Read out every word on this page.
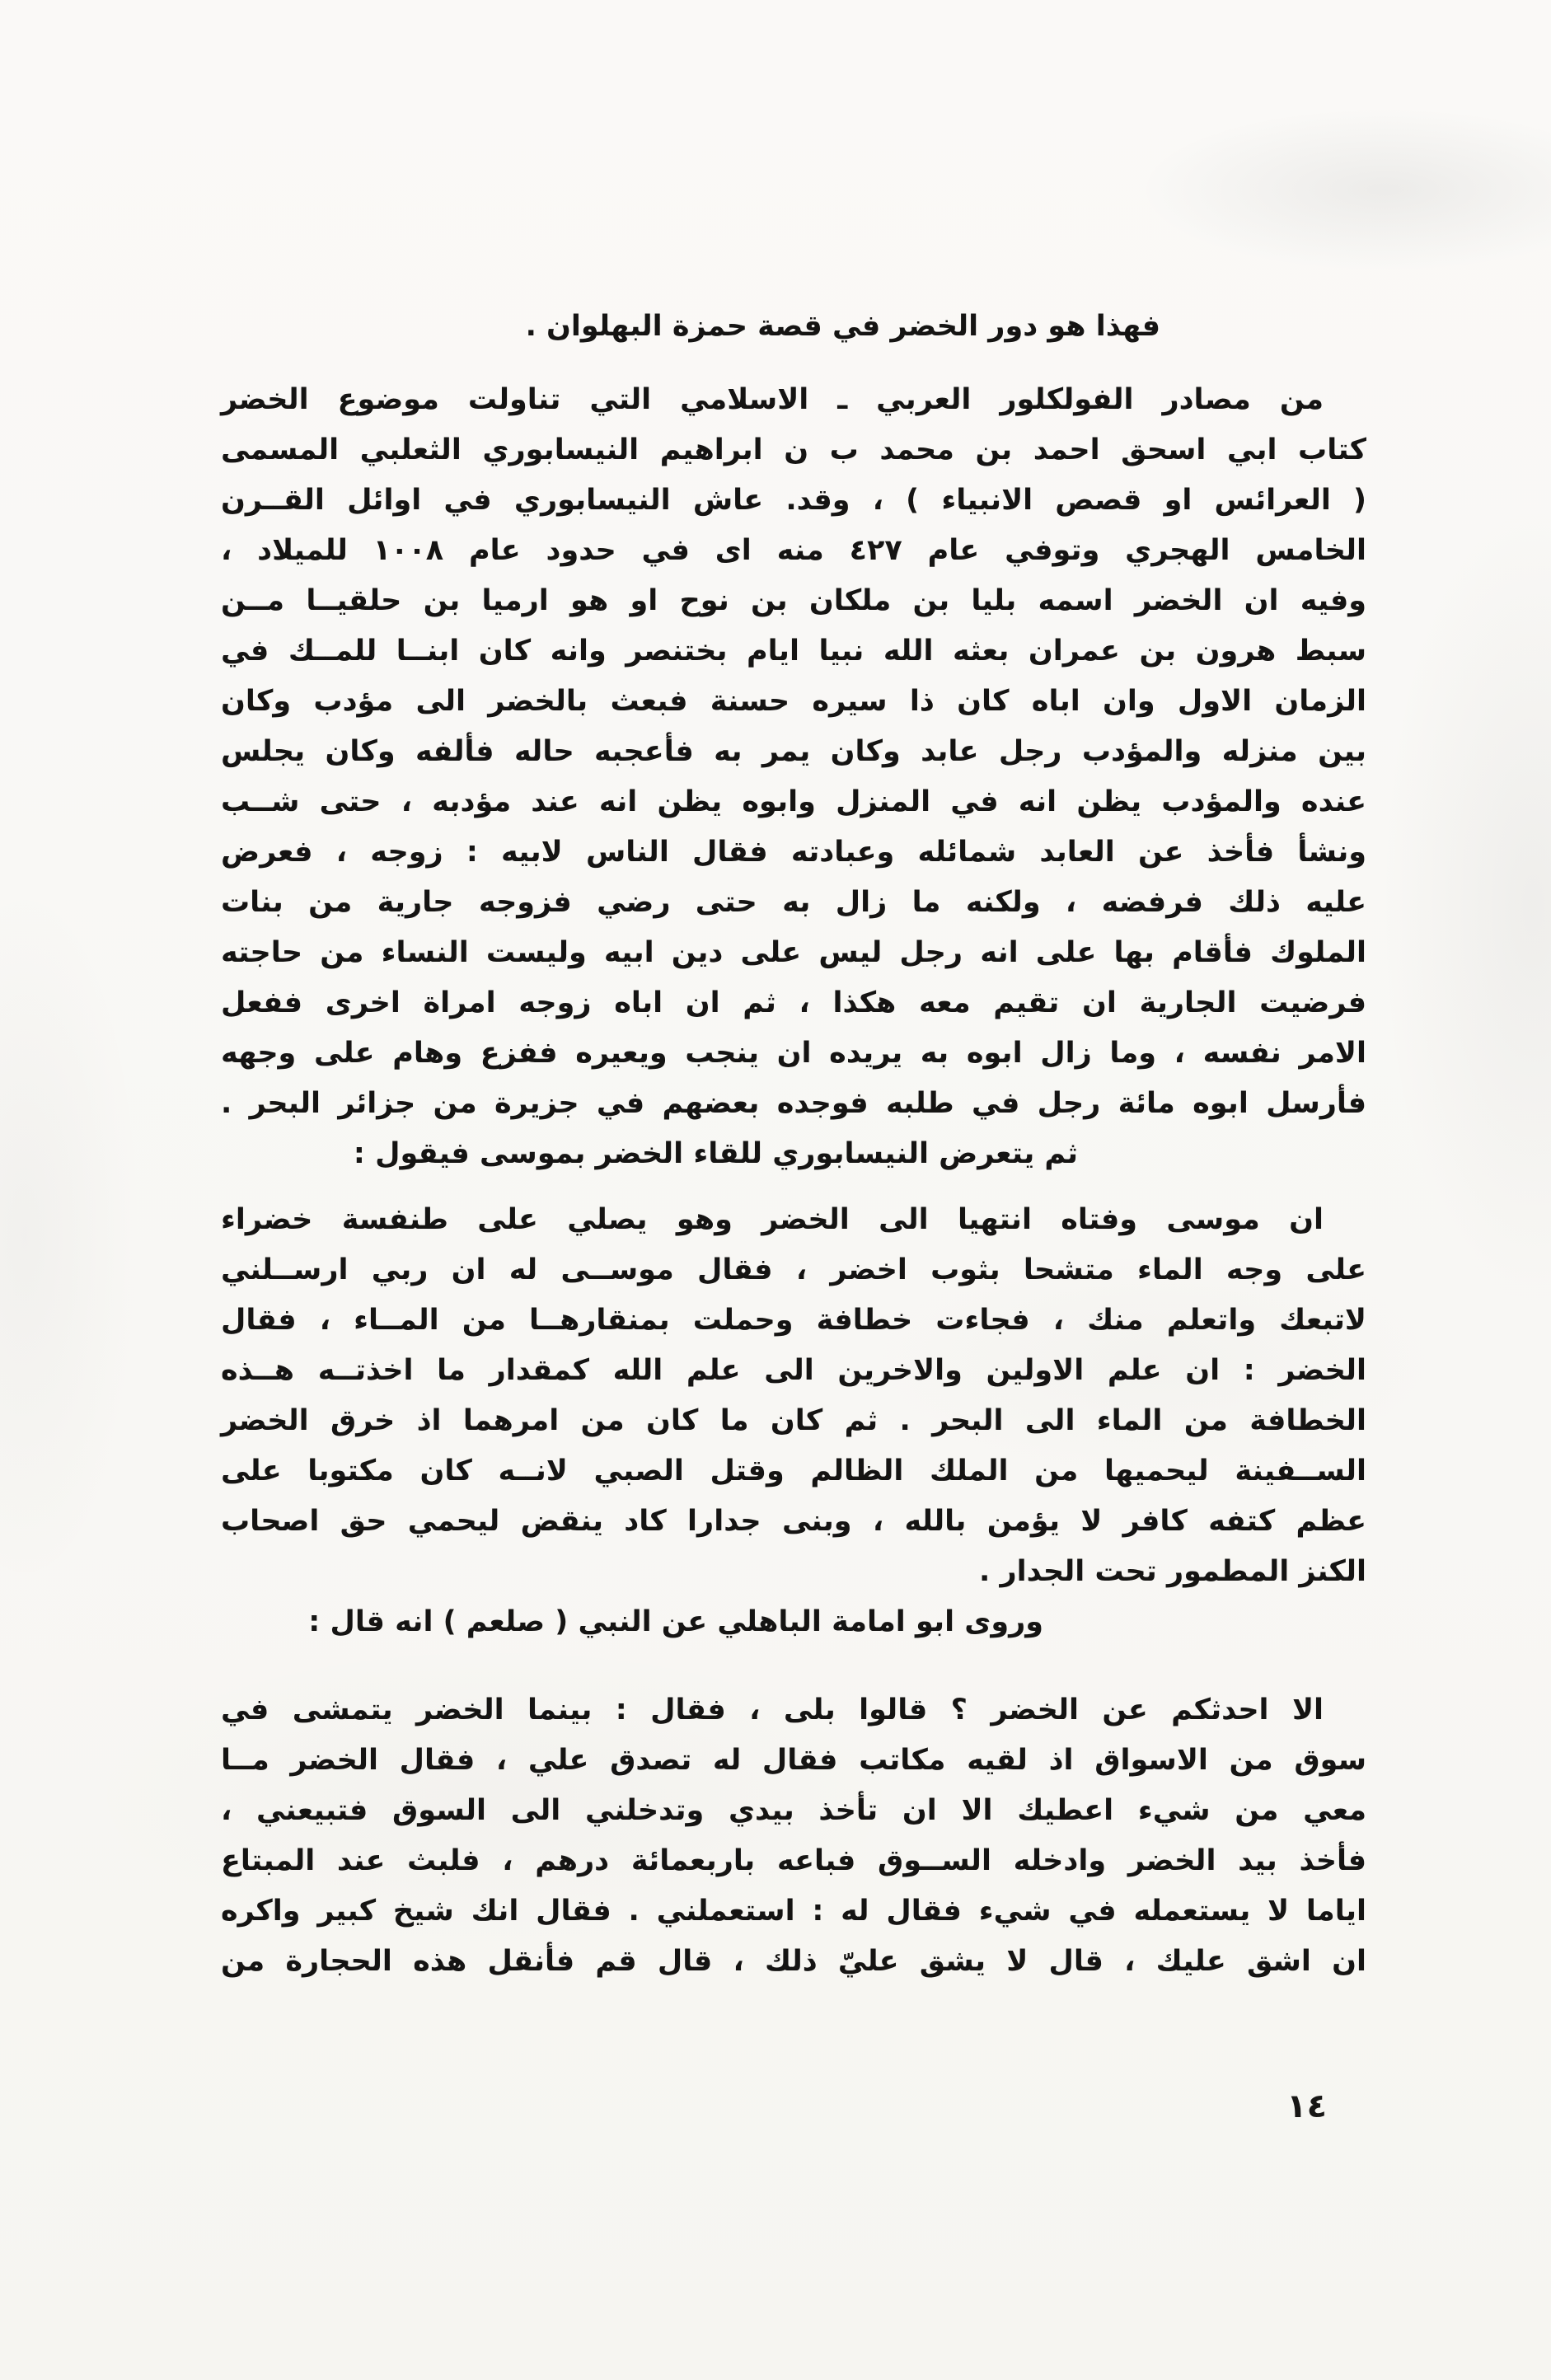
فهذا هو دور الخضر في قصة حمزة البهلوان .

من مصادر الفولكلور العربي ـ الاسلامي التي تناولت موضوع الخضر

كتاب ابي اسحق احمد بن محمد ب ن ابراهيم النيسابوري الثعلبي المسمى

( العرائس او قصص الانبياء ) ، وقد. عاش النيسابوري في اوائل القــرن

الخامس الهجري وتوفي عام ٤٢٧ منه اى في حدود عام ١٠٠٨ للميلاد ،

وفيه ان الخضر اسمه بليا بن ملكان بن نوح او هو ارميا بن حلقيــا مــن

سبط هرون بن عمران بعثه الله نبيا ايام بختنصر وانه كان ابنــا للمــك في

الزمان الاول وان اباه كان ذا سيره حسنة فبعث بالخضر الى مؤدب وكان

بين منزله والمؤدب رجل عابد وكان يمر به فأعجبه حاله فألفه وكان يجلس

عنده والمؤدب يظن انه في المنزل وابوه يظن انه عند مؤدبه ، حتى شــب

ونشأ فأخذ عن العابد شمائله وعبادته فقال الناس لابيه : زوجه ، فعرض

عليه ذلك فرفضه ، ولكنه ما زال به حتى رضي فزوجه جارية من بنات

الملوك فأقام بها على انه رجل ليس على دين ابيه وليست النساء من حاجته

فرضيت الجارية ان تقيم معه هكذا ، ثم ان اباه زوجه امراة اخرى ففعل

الامر نفسه ، وما زال ابوه به يريده ان ينجب ويعيره ففزع وهام على وجهه

فأرسل ابوه مائة رجل في طلبه فوجده بعضهم في جزيرة من جزائر البحر .

ثم يتعرض النيسابوري للقاء الخضر بموسى فيقول :

ان موسى وفتاه انتهيا الى الخضر وهو يصلي على طنفسة خضراء

على وجه الماء متشحا بثوب اخضر ، فقال موســى له ان ربي ارســلني

لاتبعك واتعلم منك ، فجاءت خطافة وحملت بمنقارهــا من المــاء ، فقال

الخضر : ان علم الاولين والاخرين الى علم الله كمقدار ما اخذتــه هــذه

الخطافة من الماء الى البحر . ثم كان ما كان من امرهما اذ خرق الخضر

الســفينة ليحميها من الملك الظالم وقتل الصبي لانــه كان مكتوبا على

عظم كتفه كافر لا يؤمن بالله ، وبنى جدارا كاد ينقض ليحمي حق اصحاب

الكنز المطمور تحت الجدار .

وروى ابو امامة الباهلي عن النبي ( صلعم ) انه قال :

الا احدثكم عن الخضر ؟ قالوا بلى ، فقال : بينما الخضر يتمشى في

سوق من الاسواق اذ لقيه مكاتب فقال له تصدق علي ، فقال الخضر مــا

معي من شيء اعطيك الا ان تأخذ بيدي وتدخلني الى السوق فتبيعني ،

فأخذ بيد الخضر وادخله الســوق فباعه باربعمائة درهم ، فلبث عند المبتاع

اياما لا يستعمله في شيء فقال له : استعملني . فقال انك شيخ كبير واكره

ان اشق عليك ، قال لا يشق عليّ ذلك ، قال قم فأنقل هذه الحجارة من

١٤
